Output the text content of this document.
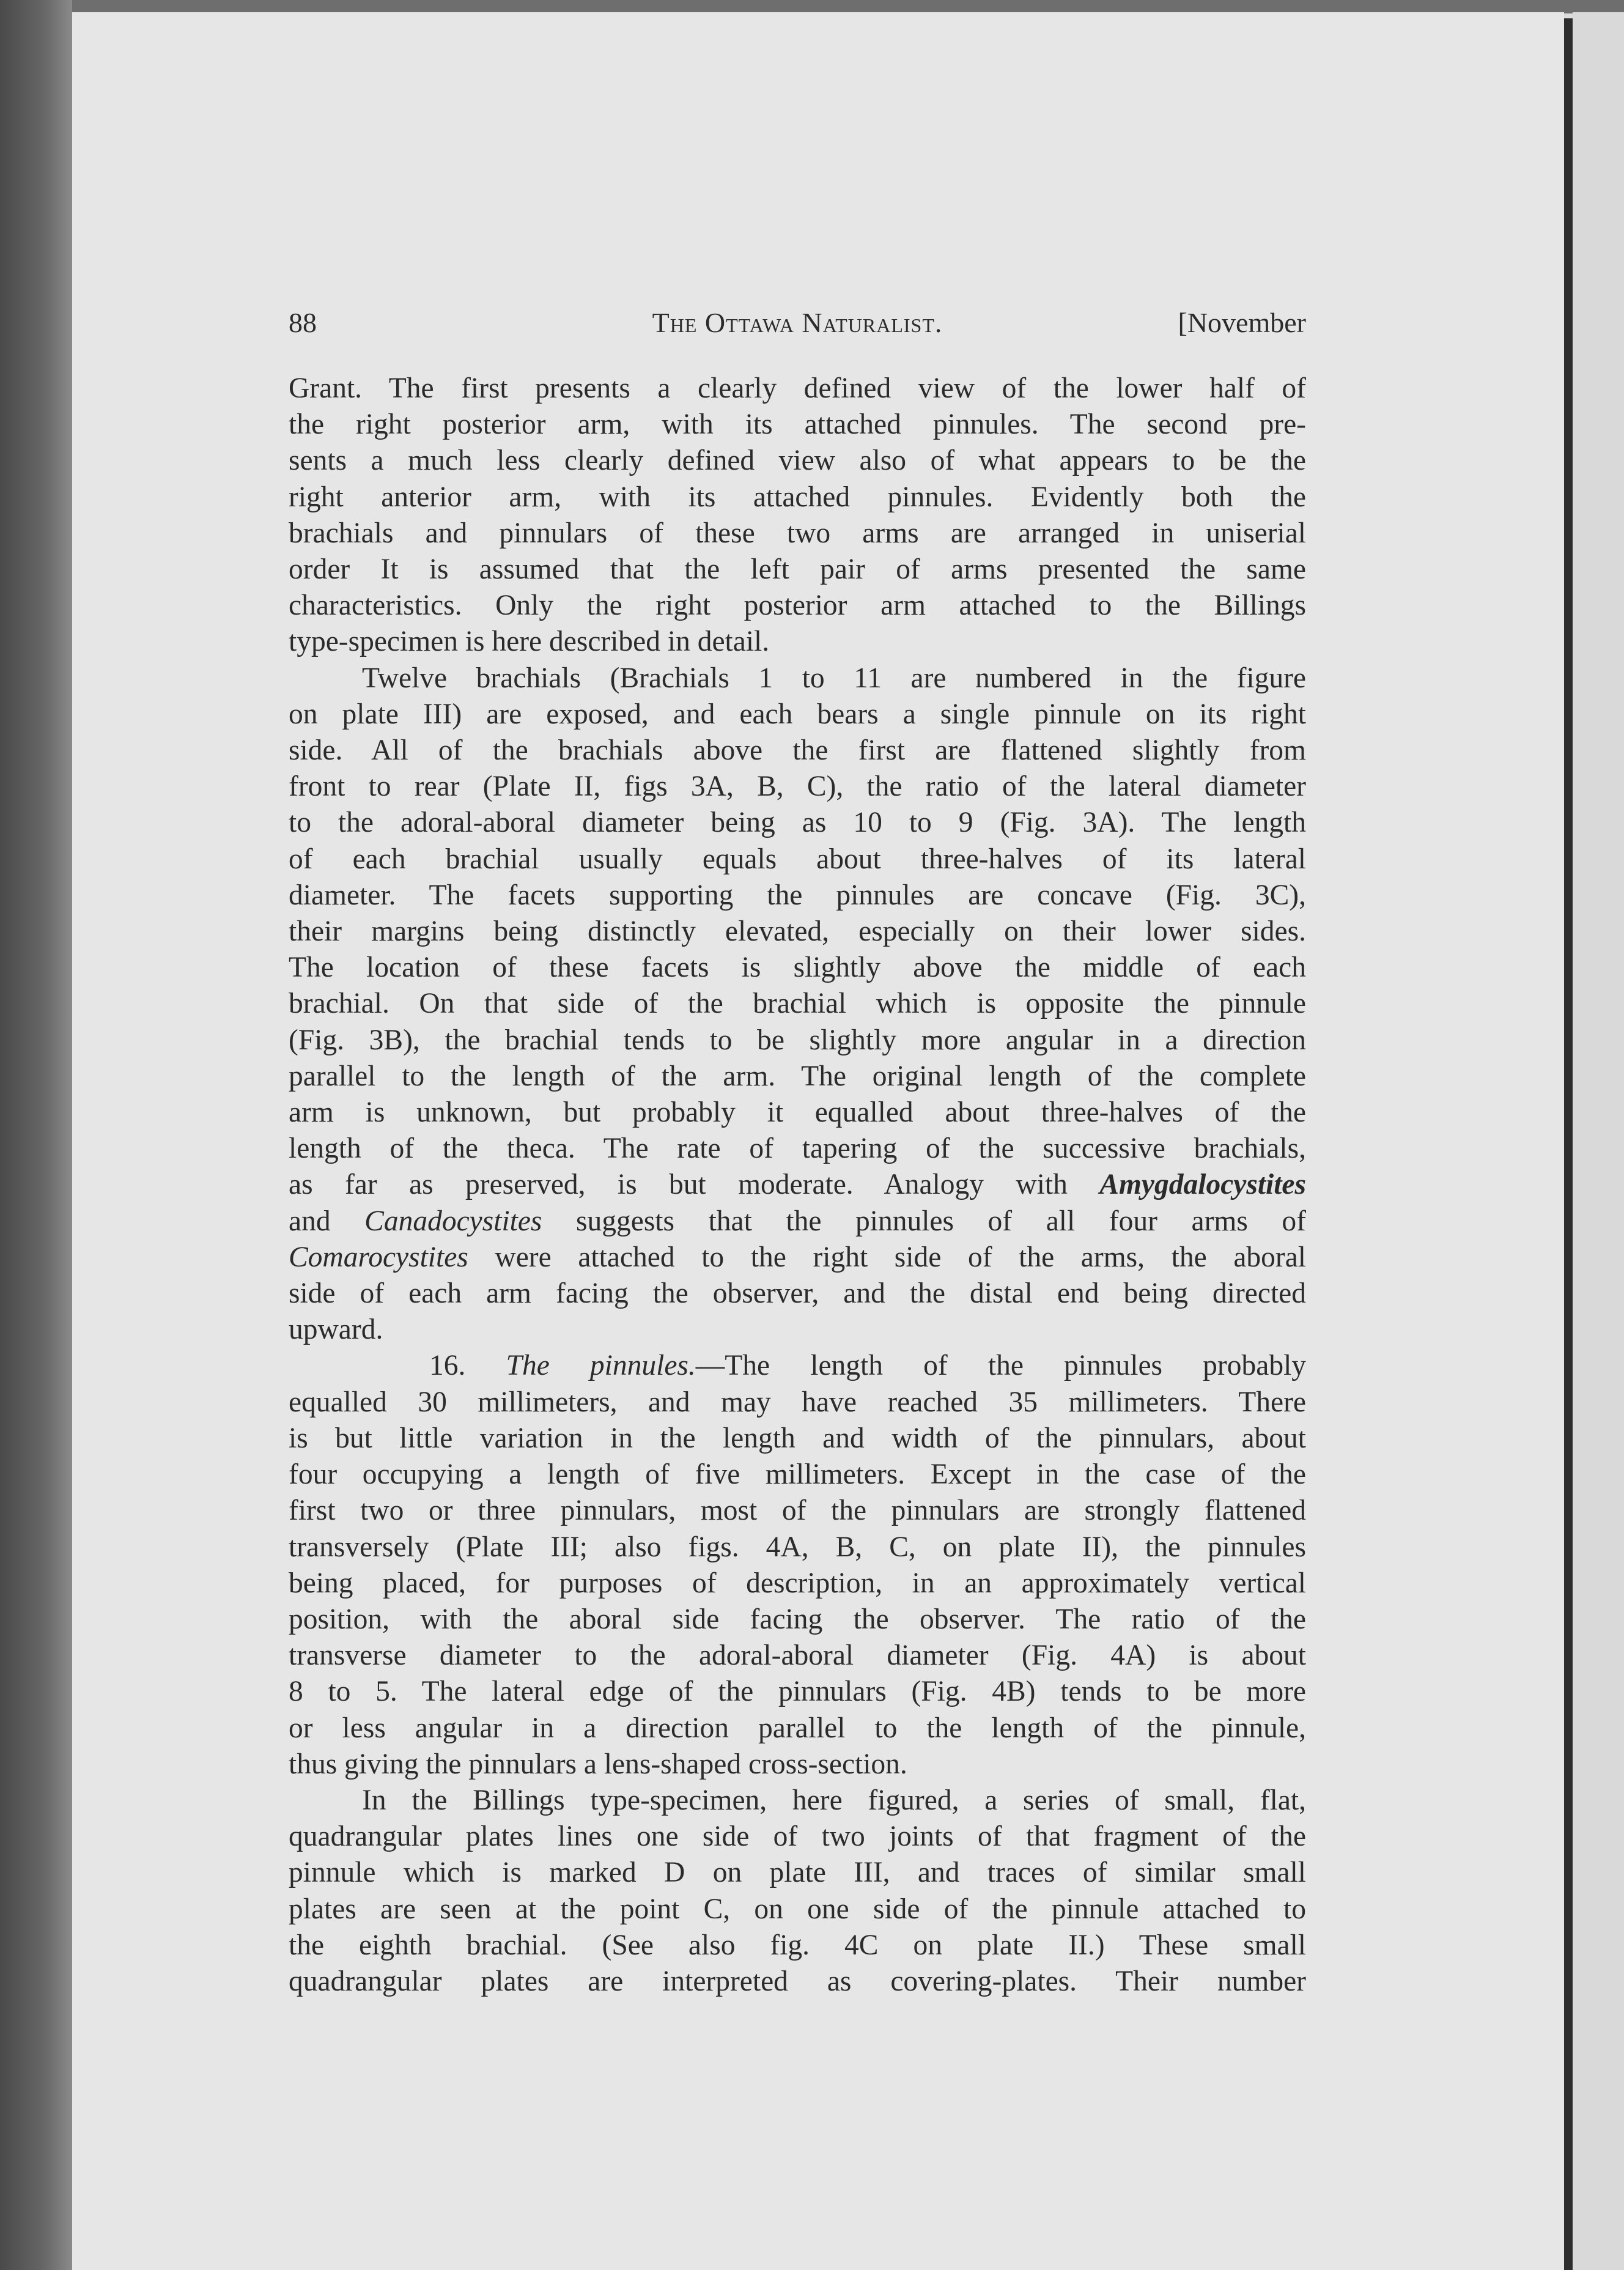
88	The Ottawa Naturalist.	[November

Grant. The first presents a clearly defined view of the lower half of
the right posterior arm, with its attached pinnules. The second pre-
sents a much less clearly defined view also of what appears to be the
right anterior arm, with its attached pinnules. Evidently both the
brachials and pinnulars of these two arms are arranged in uniserial
order It is assumed that the left pair of arms presented the same
characteristics. Only the right posterior arm attached to the Billings
type-specimen is here described in detail.

Twelve brachials (Brachials 1 to 11 are numbered in the figure
on plate III) are exposed, and each bears a single pinnule on its right
side. All of the brachials above the first are flattened slightly from
front to rear (Plate II, figs 3A, B, C), the ratio of the lateral diameter
to the adoral-aboral diameter being as 10 to 9 (Fig. 3A). The length
of each brachial usually equals about three-halves of its lateral
diameter. The facets supporting the pinnules are concave (Fig. 3C),
their margins being distinctly elevated, especially on their lower sides.
The location of these facets is slightly above the middle of each
brachial. On that side of the brachial which is opposite the pinnule
(Fig. 3B), the brachial tends to be slightly more angular in a direction
parallel to the length of the arm. The original length of the complete
arm is unknown, but probably it equalled about three-halves of the
length of the theca. The rate of tapering of the successive brachials,
as far as preserved, is but moderate. Analogy with Amygdalocystites
and Canadocystites suggests that the pinnules of all four arms of
Comarocystites were attached to the right side of the arms, the aboral
side of each arm facing the observer, and the distal end being directed
upward.

16. The pinnules.—The length of the pinnules probably
equalled 30 millimeters, and may have reached 35 millimeters. There
is but little variation in the length and width of the pinnulars, about
four occupying a length of five millimeters. Except in the case of the
first two or three pinnulars, most of the pinnulars are strongly flattened
transversely (Plate III; also figs. 4A, B, C, on plate II), the pinnules
being placed, for purposes of description, in an approximately vertical
position, with the aboral side facing the observer. The ratio of the
transverse diameter to the adoral-aboral diameter (Fig. 4A) is about
8 to 5. The lateral edge of the pinnulars (Fig. 4B) tends to be more
or less angular in a direction parallel to the length of the pinnule,
thus giving the pinnulars a lens-shaped cross-section.

In the Billings type-specimen, here figured, a series of small, flat,
quadrangular plates lines one side of two joints of that fragment of the
pinnule which is marked D on plate III, and traces of similar small
plates are seen at the point C, on one side of the pinnule attached to
the eighth brachial. (See also fig. 4C on plate II.) These small
quadrangular plates are interpreted as covering-plates. Their number
